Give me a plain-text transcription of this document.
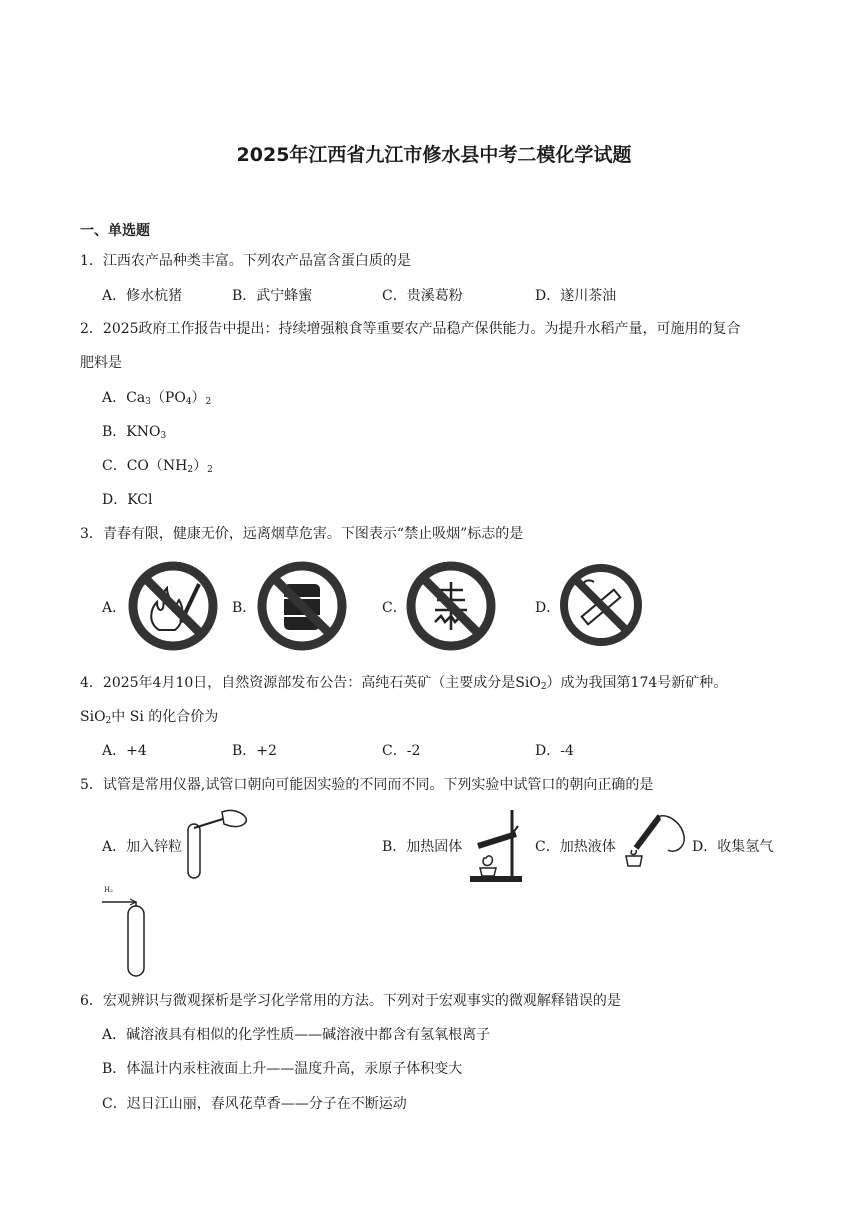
2025年江西省九江市修水县中考二模化学试题
一、单选题
1．江西农产品种类丰富。下列农产品富含蛋白质的是
A．修水杭猪	B．武宁蜂蜜	C．贵溪葛粉	D．遂川茶油
2．2025政府工作报告中提出：持续增强粮食等重要农产品稳产保供能力。为提升水稻产量，可施用的复合
肥料是
A．$Ca_3(PO_4)_2$
B．$KNO_3$
C．$CO(NH_2)_2$
D．KCl
3．青春有限，健康无价，远离烟草危害。下图表示“禁止吸烟”标志的是
A．	B．	C．	D．
4．2025年4月10日，自然资源部发布公告：高纯石英矿（主要成分是SiO$_2$）成为我国第174号新矿种。
SiO$_2$中 Si 的化合价为
A．+4	B．+2	C．-2	D．-4
5．试管是常用仪器,试管口朝向可能因实验的不同而不同。下列实验中试管口的朝向正确的是
A．加入锌粒	B．加热固体	C．加热液体	D．收集氢气
H₂
6．宏观辨识与微观探析是学习化学常用的方法。下列对于宏观事实的微观解释错误的是
A．碱溶液具有相似的化学性质——碱溶液中都含有氢氧根离子
B．体温计内汞柱液面上升——温度升高，汞原子体积变大
C．迟日江山丽，春风花草香——分子在不断运动
